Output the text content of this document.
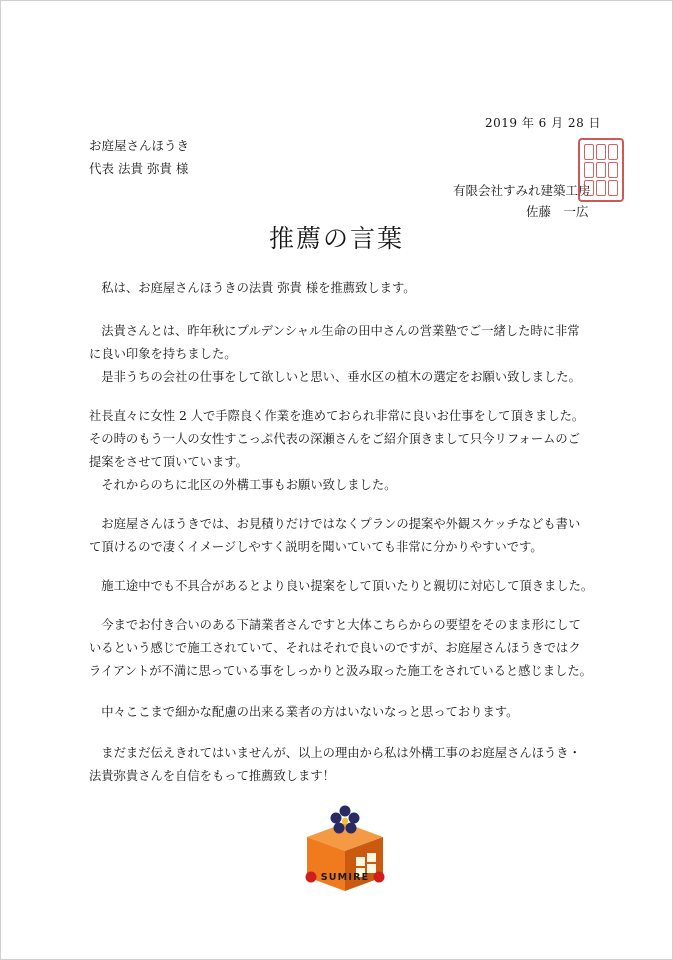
2019 年 6 月 28 日
お庭屋さんほうき
代表 法貴 弥貴 様
有限会社すみれ建築工房
佐藤　一広
推薦の言葉

　私は、お庭屋さんほうきの法貴 弥貴 様を推薦致します。

　法貴さんとは、昨年秋にプルデンシャル生命の田中さんの営業塾でご一緒した時に非常
に良い印象を持ちました。
　是非うちの会社の仕事をして欲しいと思い、垂水区の植木の選定をお願い致しました。

社長直々に女性 2 人で手際良く作業を進めておられ非常に良いお仕事をして頂きました。
その時のもう一人の女性すこっぷ代表の深瀬さんをご紹介頂きまして只今リフォームのご
提案をさせて頂いています。
　それからのちに北区の外構工事もお願い致しました。

　お庭屋さんほうきでは、お見積りだけではなくプランの提案や外観スケッチなども書い
て頂けるので凄くイメージしやすく説明を聞いていても非常に分かりやすいです。

　施工途中でも不具合があるとより良い提案をして頂いたりと親切に対応して頂きました。

　今までお付き合いのある下請業者さんですと大体こちらからの要望をそのまま形にして
いるという感じで施工されていて、それはそれで良いのですが、お庭屋さんほうきではク
ライアントが不満に思っている事をしっかりと汲み取った施工をされていると感じました。

　中々ここまで細かな配慮の出来る業者の方はいないなっと思っております。

　まだまだ伝えきれてはいませんが、以上の理由から私は外構工事のお庭屋さんほうき・
法貴弥貴さんを自信をもって推薦致します！

SUMIRE
